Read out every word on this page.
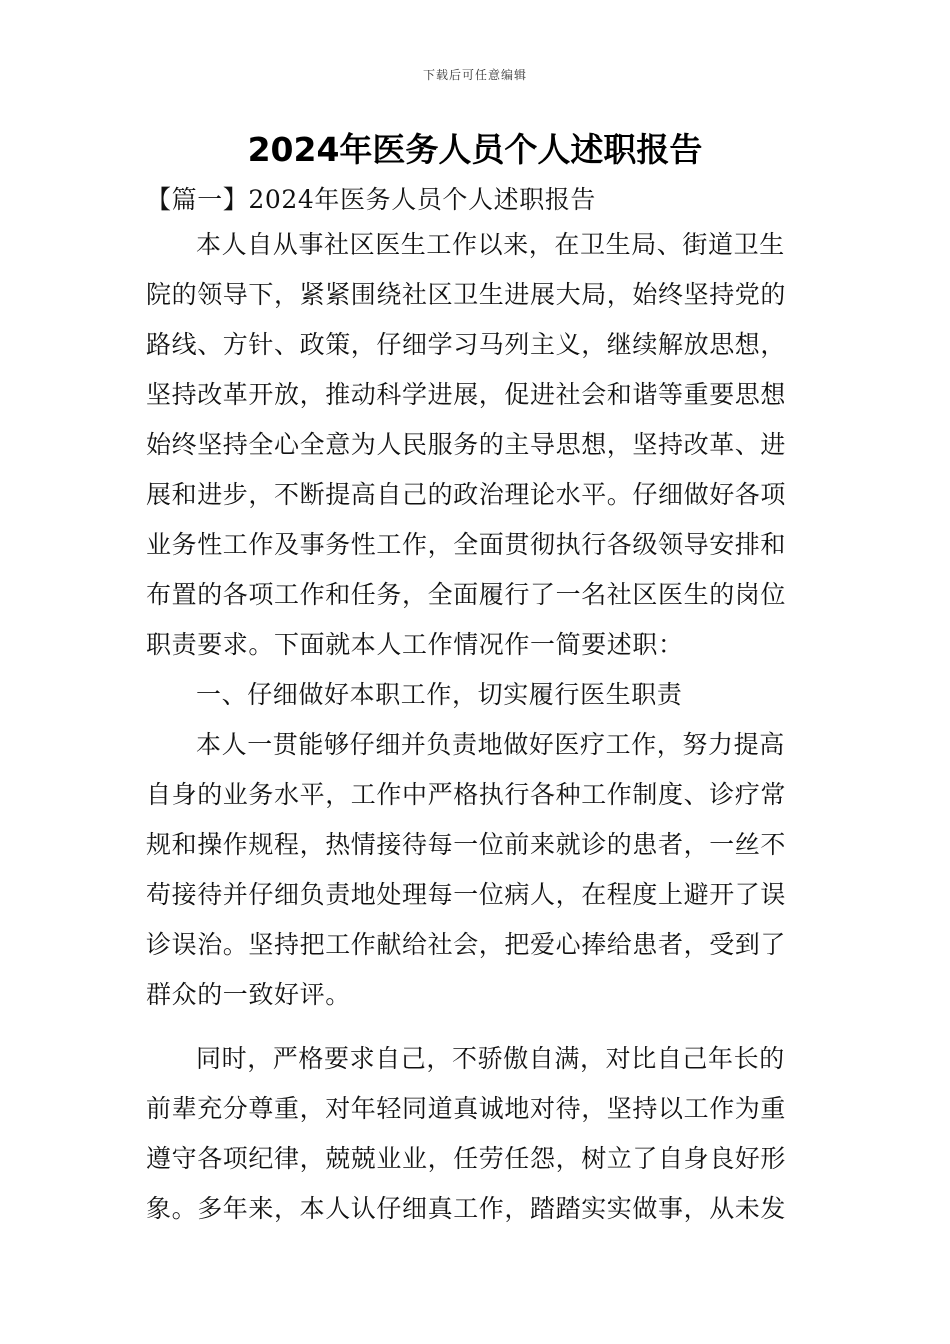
下载后可任意编辑
2024年医务人员个人述职报告
【篇一】2024年医务人员个人述职报告
本人自从事社区医生工作以来，在卫生局、街道卫生
院的领导下，紧紧围绕社区卫生进展大局，始终坚持党的
路线、方针、政策，仔细学习马列主义，继续解放思想，
坚持改革开放，推动科学进展，促进社会和谐等重要思想
始终坚持全心全意为人民服务的主导思想，坚持改革、进
展和进步，不断提高自己的政治理论水平。仔细做好各项
业务性工作及事务性工作，全面贯彻执行各级领导安排和
布置的各项工作和任务，全面履行了一名社区医生的岗位
职责要求。下面就本人工作情况作一简要述职：
一、仔细做好本职工作，切实履行医生职责
本人一贯能够仔细并负责地做好医疗工作，努力提高
自身的业务水平，工作中严格执行各种工作制度、诊疗常
规和操作规程，热情接待每一位前来就诊的患者，一丝不
苟接待并仔细负责地处理每一位病人，在程度上避开了误
诊误治。坚持把工作献给社会，把爱心捧给患者，受到了
群众的一致好评。
同时，严格要求自己，不骄傲自满，对比自己年长的
前辈充分尊重，对年轻同道真诚地对待，坚持以工作为重
遵守各项纪律，兢兢业业，任劳任怨，树立了自身良好形
象。多年来，本人认仔细真工作，踏踏实实做事，从未发
